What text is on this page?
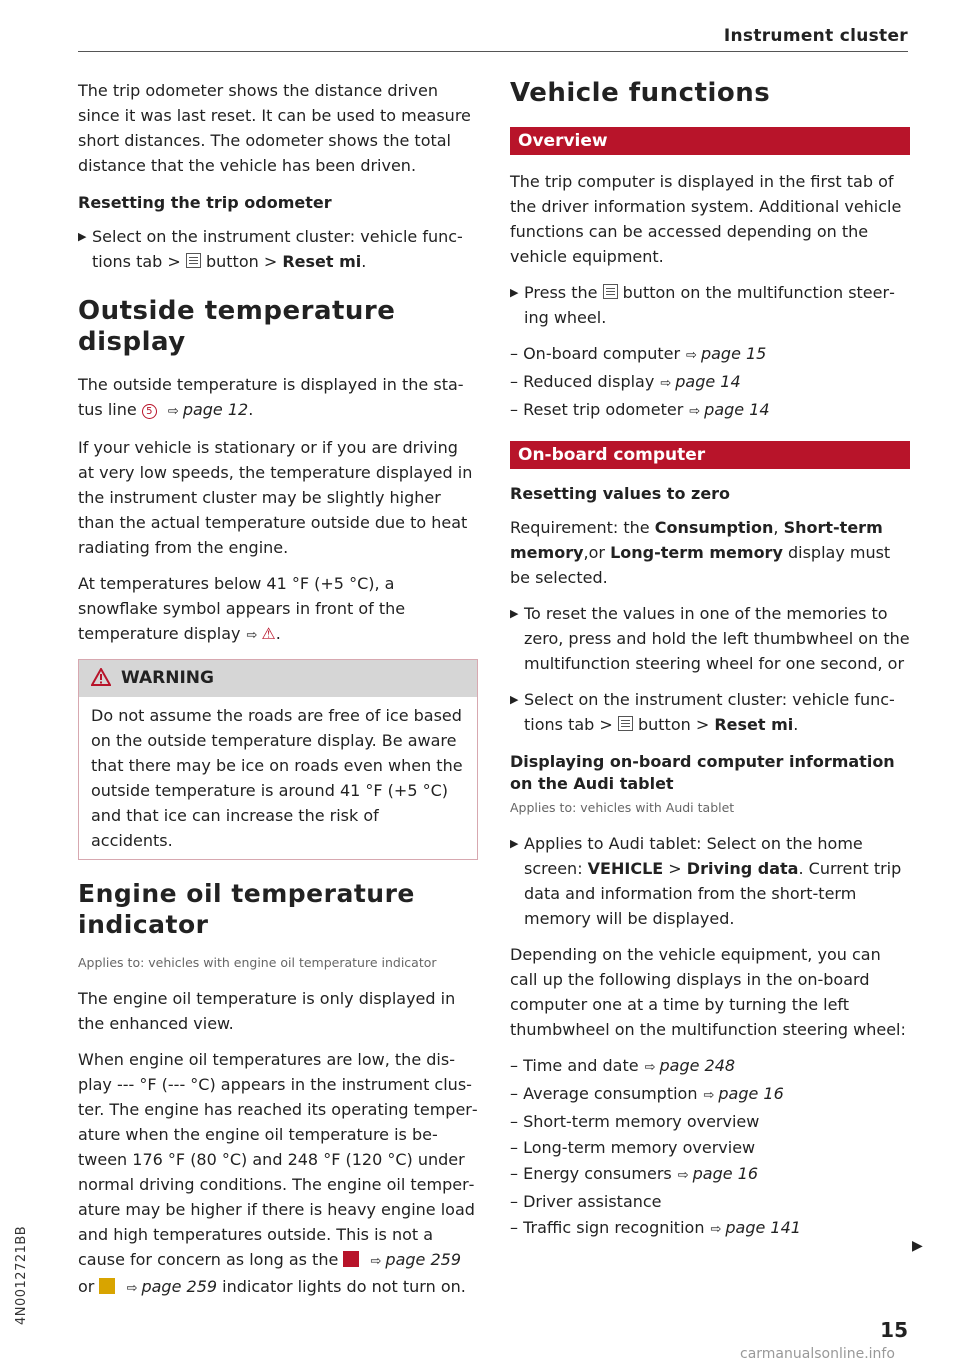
Instrument cluster

The trip odometer shows the distance driven since it was last reset. It can be used to measure short distances. The odometer shows the total distance that the vehicle has been driven.

Resetting the trip odometer
▶ Select on the instrument cluster: vehicle functions tab > button > Reset mi.
Outside temperature display

The outside temperature is displayed in the status line 5 ⇨ page 12.

If your vehicle is stationary or if you are driving at very low speeds, the temperature displayed in the instrument cluster may be slightly higher than the actual temperature outside due to heat radiating from the engine.

At temperatures below 41 °F (+5 °C), a snowflake symbol appears in front of the temperature display ⇨ ⚠.

WARNING
Do not assume the roads are free of ice based on the outside temperature display. Be aware that there may be ice on roads even when the outside temperature is around 41 °F (+5 °C) and that ice can increase the risk of accidents.
Engine oil temperature indicator
Applies to: vehicles with engine oil temperature indicator

The engine oil temperature is only displayed in the enhanced view.

When engine oil temperatures are low, the display --- °F (--- °C) appears in the instrument cluster. The engine has reached its operating temperature when the engine oil temperature is between 176 °F (80 °C) and 248 °F (120 °C) under normal driving conditions. The engine oil temperature may be higher if there is heavy engine load and high temperatures outside. This is not a cause for concern as long as the ⇨ page 259 or ⇨ page 259 indicator lights do not turn on.

Vehicle functions
Overview

The trip computer is displayed in the first tab of the driver information system. Additional vehicle functions can be accessed depending on the vehicle equipment.

▶ Press the button on the multifunction steering wheel.
– On-board computer ⇨ page 15
– Reduced display ⇨ page 14
– Reset trip odometer ⇨ page 14
On-board computer
Resetting values to zero

Requirement: the Consumption, Short-term memory,or Long-term memory display must be selected.

▶ To reset the values in one of the memories to zero, press and hold the left thumbwheel on the multifunction steering wheel for one second, or
▶ Select on the instrument cluster: vehicle functions tab > button > Reset mi.
Displaying on-board computer information on the Audi tablet
Applies to: vehicles with Audi tablet
▶ Applies to Audi tablet: Select on the home screen: VEHICLE > Driving data. Current trip data and information from the short-term memory will be displayed.

Depending on the vehicle equipment, you can call up the following displays in the on-board computer one at a time by turning the left thumbwheel on the multifunction steering wheel:

– Time and date ⇨ page 248
– Average consumption ⇨ page 16
– Short-term memory overview
– Long-term memory overview
– Energy consumers ⇨ page 16
– Driver assistance
– Traffic sign recognition ⇨ page 141
▶
15
4N0012721BB
carmanualsonline.info
